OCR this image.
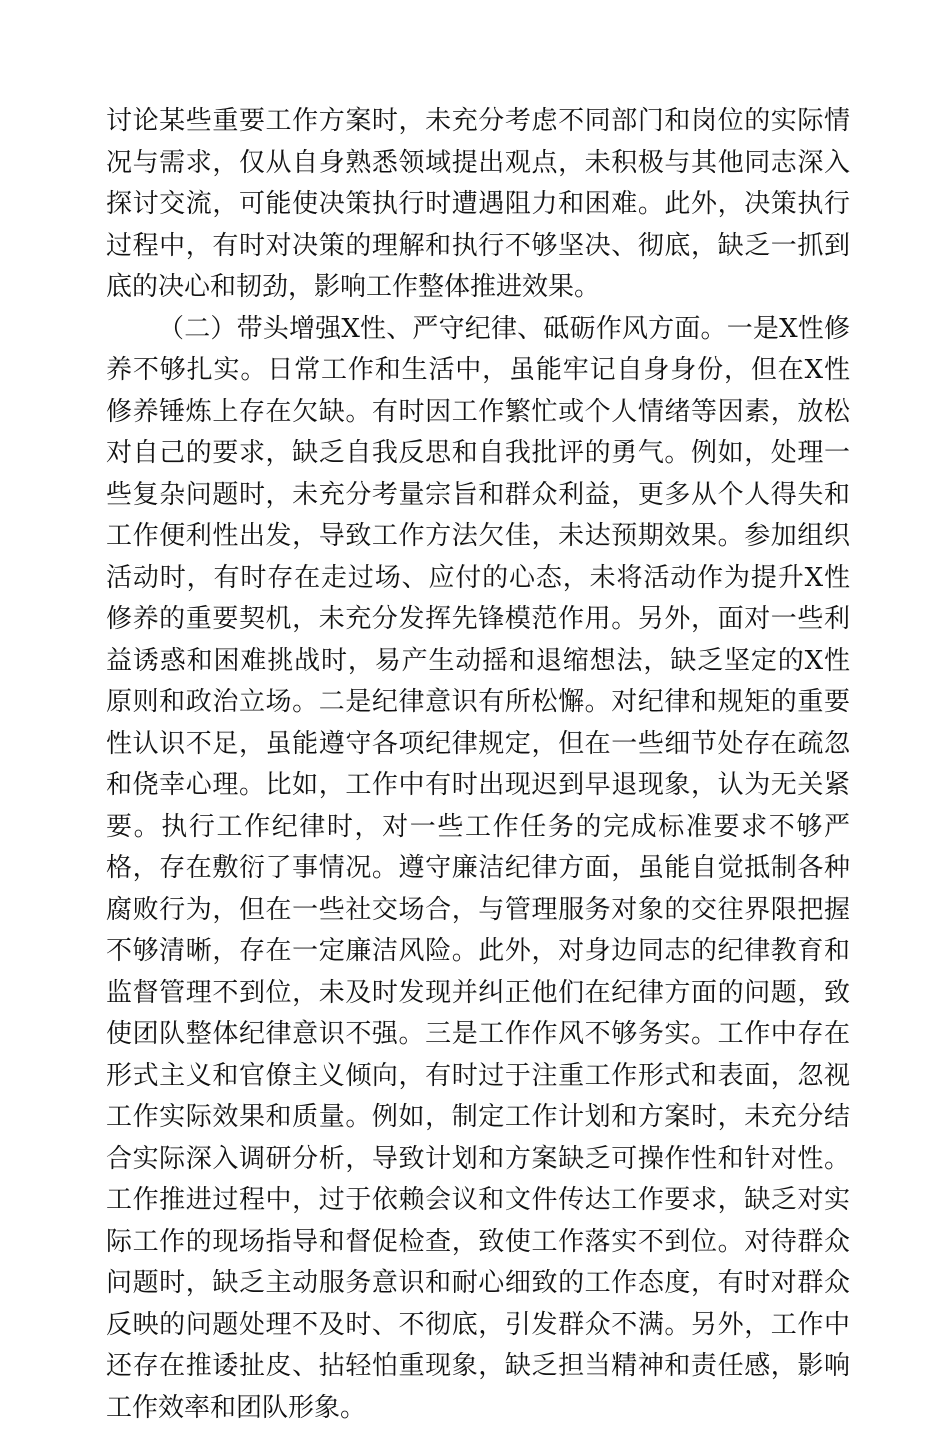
讨论某些重要工作方案时，未充分考虑不同部门和岗位的实际情况与需求，仅从自身熟悉领域提出观点，未积极与其他同志深入探讨交流，可能使决策执行时遭遇阻力和困难。此外，决策执行过程中，有时对决策的理解和执行不够坚决、彻底，缺乏一抓到底的决心和韧劲，影响工作整体推进效果。

（二）带头增强X性、严守纪律、砥砺作风方面。一是X性修养不够扎实。日常工作和生活中，虽能牢记自身身份，但在X性修养锤炼上存在欠缺。有时因工作繁忙或个人情绪等因素，放松对自己的要求，缺乏自我反思和自我批评的勇气。例如，处理一些复杂问题时，未充分考量宗旨和群众利益，更多从个人得失和工作便利性出发，导致工作方法欠佳，未达预期效果。参加组织活动时，有时存在走过场、应付的心态，未将活动作为提升X性修养的重要契机，未充分发挥先锋模范作用。另外，面对一些利益诱惑和困难挑战时，易产生动摇和退缩想法，缺乏坚定的X性原则和政治立场。二是纪律意识有所松懈。对纪律和规矩的重要性认识不足，虽能遵守各项纪律规定，但在一些细节处存在疏忽和侥幸心理。比如，工作中有时出现迟到早退现象，认为无关紧要。执行工作纪律时，对一些工作任务的完成标准要求不够严格，存在敷衍了事情况。遵守廉洁纪律方面，虽能自觉抵制各种腐败行为，但在一些社交场合，与管理服务对象的交往界限把握不够清晰，存在一定廉洁风险。此外，对身边同志的纪律教育和监督管理不到位，未及时发现并纠正他们在纪律方面的问题，致使团队整体纪律意识不强。三是工作作风不够务实。工作中存在形式主义和官僚主义倾向，有时过于注重工作形式和表面，忽视工作实际效果和质量。例如，制定工作计划和方案时，未充分结合实际深入调研分析，导致计划和方案缺乏可操作性和针对性。工作推进过程中，过于依赖会议和文件传达工作要求，缺乏对实际工作的现场指导和督促检查，致使工作落实不到位。对待群众问题时，缺乏主动服务意识和耐心细致的工作态度，有时对群众反映的问题处理不及时、不彻底，引发群众不满。另外，工作中还存在推诿扯皮、拈轻怕重现象，缺乏担当精神和责任感，影响工作效率和团队形象。
